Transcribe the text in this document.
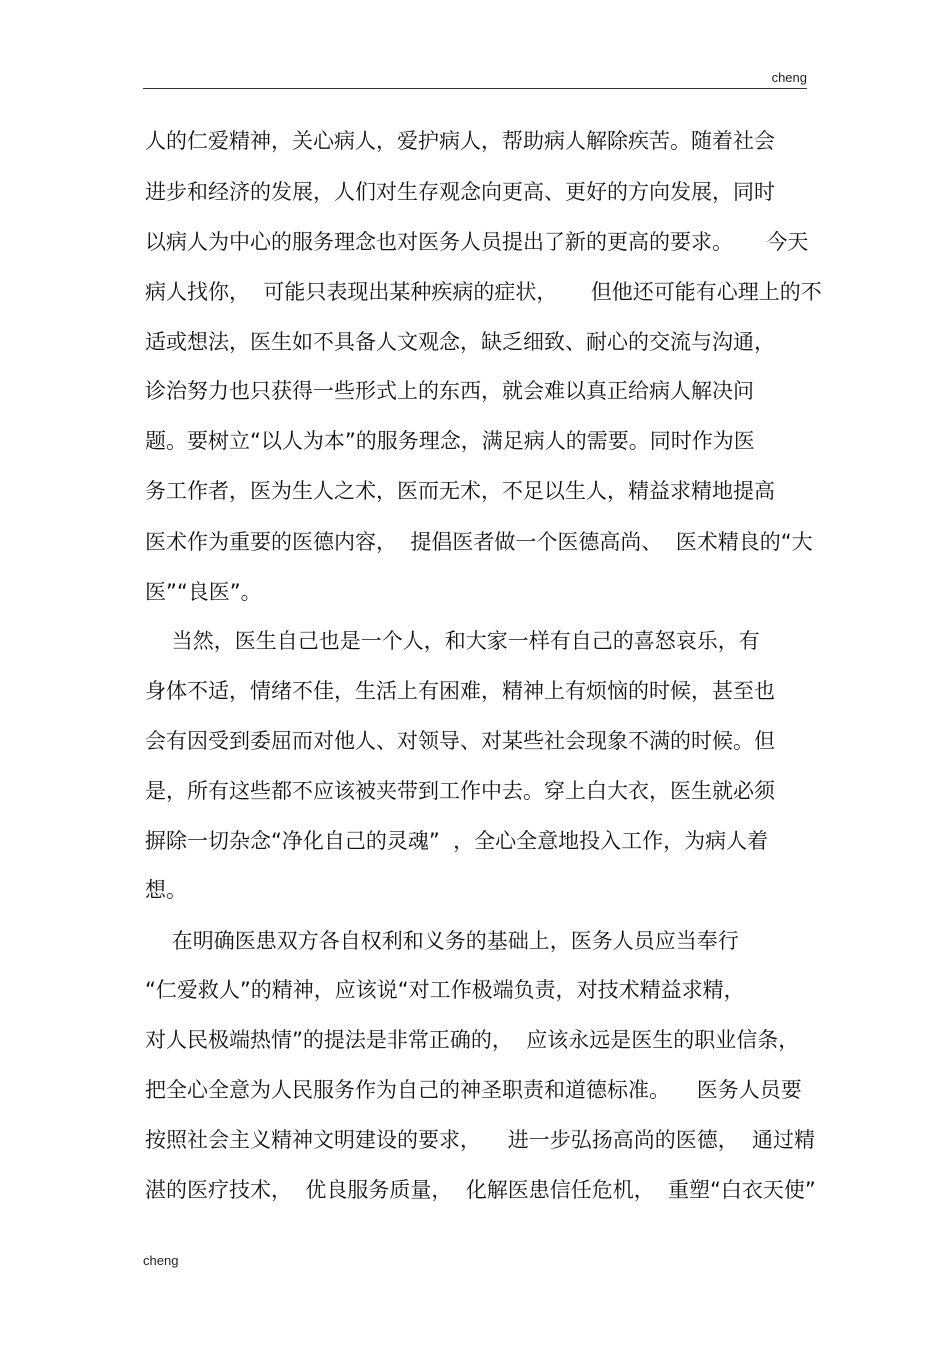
cheng
人的仁爱精神，关心病人，爱护病人，帮助病人解除疾苦。随着社会
进步和经济的发展，人们对生存观念向更高、更好的方向发展，同时
以病人为中心的服务理念也对医务人员提出了新的更高的要求。     今天
病人找你，  可能只表现出某种疾病的症状，     但他还可能有心理上的不
适或想法，医生如不具备人文观念，缺乏细致、耐心的交流与沟通，
诊治努力也只获得一些形式上的东西，就会难以真正给病人解决问
题。要树立“以人为本”的服务理念，满足病人的需要。同时作为医
务工作者，医为生人之术，医而无术，不足以生人，精益求精地提高
医术作为重要的医德内容，  提倡医者做一个医德高尚、  医术精良的“大
医”“良医”。
当然，医生自己也是一个人，和大家一样有自己的喜怒哀乐，有
身体不适，情绪不佳，生活上有困难，精神上有烦恼的时候，甚至也
会有因受到委屈而对他人、对领导、对某些社会现象不满的时候。但
是，所有这些都不应该被夹带到工作中去。穿上白大衣，医生就必须
摒除一切杂念“净化自己的灵魂”  ，全心全意地投入工作，为病人着
想。
在明确医患双方各自权利和义务的基础上，医务人员应当奉行
“仁爱救人”的精神，应该说“对工作极端负责，对技术精益求精，
对人民极端热情”的提法是非常正确的，  应该永远是医生的职业信条，
把全心全意为人民服务作为自己的神圣职责和道德标准。    医务人员要
按照社会主义精神文明建设的要求，    进一步弘扬高尚的医德，  通过精
湛的医疗技术，  优良服务质量，  化解医患信任危机，  重塑“白衣天使”
cheng
